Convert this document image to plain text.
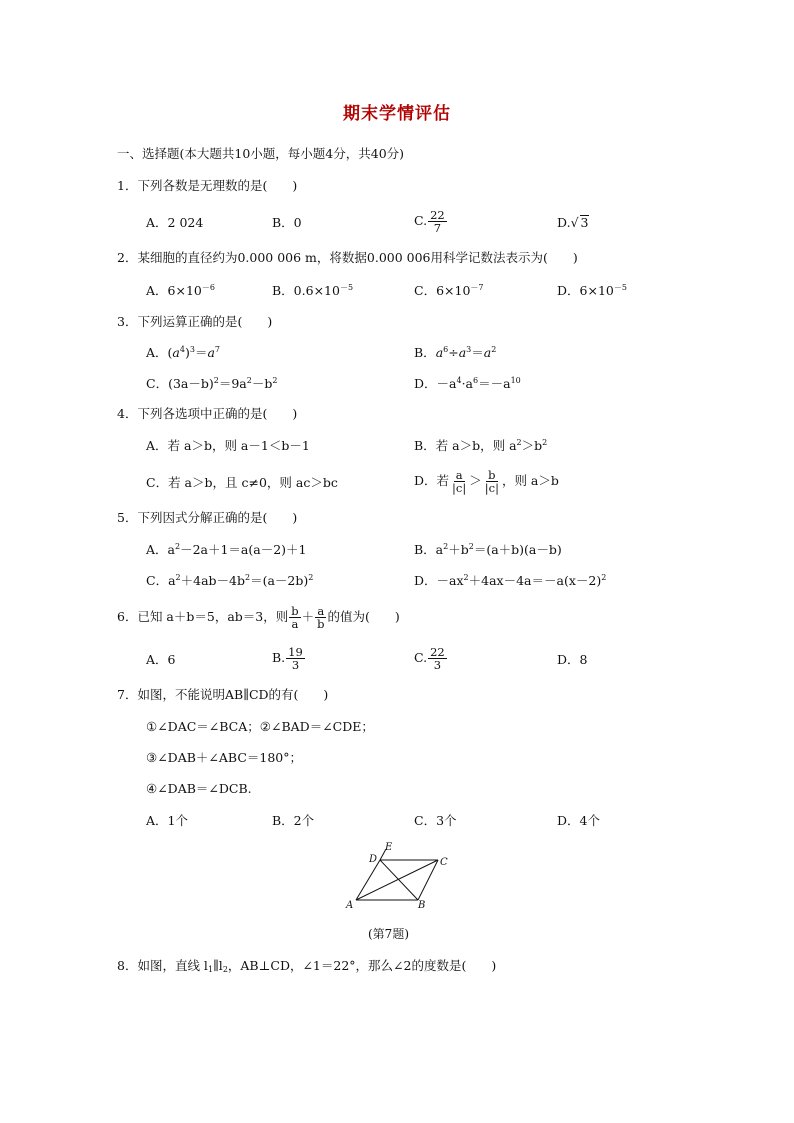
期末学情评估
一、选择题(本大题共10小题，每小题4分，共40分)
1．下列各数是无理数的是(　　)
A．2 024	B．0	C. $\frac{22}{7}$	D.√ 3
2．某细胞的直径约为0.000 006 m，将数据0.000 006用科学记数法表示为(　　)
A．$6\times 10^{-6}$	B．$0.6\times 10^{-5}$	C．$6\times 10^{-7}$	D．$6\times 10^{-5}$
3．下列运算正确的是(　　)
A．$(a^4)^3=a^7$	B．$a^6\div a^3=a^2$
C．$(3a-b)^2=9a^2-b^2$	D．$-a^4\cdot a^6=-a^{10}$
4．下列各选项中正确的是(　　)
A．若 a＞b，则 a－1＜b－1	B．若 a＞b，则 $a^2>b^2$
C．若 a＞b，且 c≠0，则 ac＞bc	D．若 $\frac{a}{|c|} > \frac{b}{|c|}$ ，则 a＞b
5．下列因式分解正确的是(　　)
A．$a^2-2a+1=a(a-2)+1$	B．$a^2+b^2=(a+b)(a-b)$
C．$a^2+4ab-4b^2=(a-2b)^2$	D．$-ax^2+4ax-4a=-a(x-2)^2$
6．已知 a＋b＝5，ab＝3，则 $\frac{b}{a} + \frac{a}{b}$ 的值为(　　)
A．6	B. $\frac{19}{3}$	C. $\frac{22}{3}$	D．8
7．如图，不能说明AB∥CD的有(　　)
①∠DAC＝∠BCA；②∠BAD＝∠CDE；
③∠DAB＋∠ABC＝180°；
④∠DAB＝∠DCB.
A．1个	B．2个	C．3个	D．4个
A	B
C
D
E
(第7题)
8．如图，直线 $l_1\parallel l_2$，AB⊥CD，∠1＝22°，那么∠2的度数是(　　)
